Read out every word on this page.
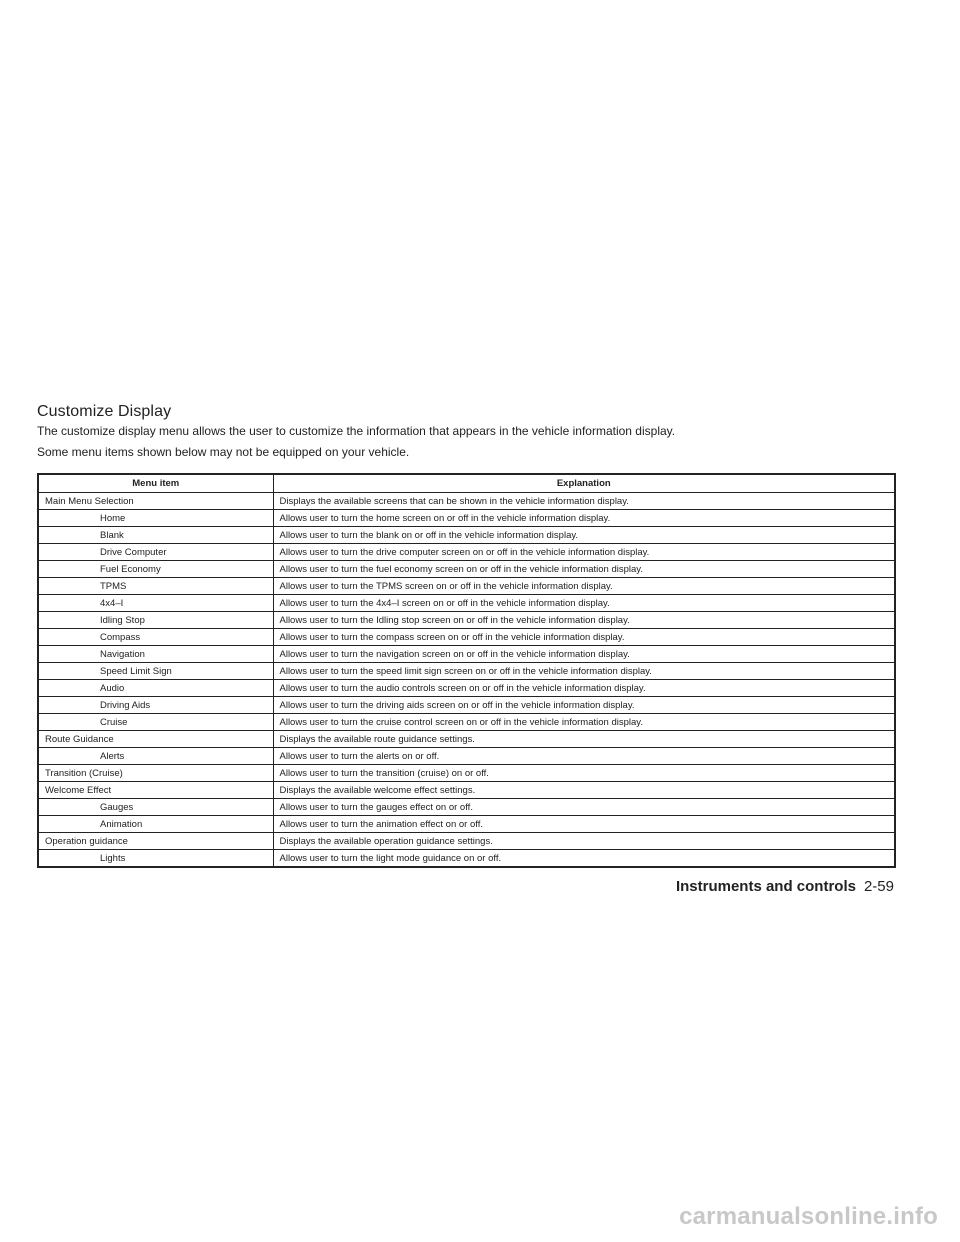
Customize Display

The customize display menu allows the user to customize the information that appears in the vehicle information display.

Some menu items shown below may not be equipped on your vehicle.

Menu item	Explanation
Main Menu Selection	Displays the available screens that can be shown in the vehicle information display.
Home	Allows user to turn the home screen on or off in the vehicle information display.
Blank	Allows user to turn the blank on or off in the vehicle information display.
Drive Computer	Allows user to turn the drive computer screen on or off in the vehicle information display.
Fuel Economy	Allows user to turn the fuel economy screen on or off in the vehicle information display.
TPMS	Allows user to turn the TPMS screen on or off in the vehicle information display.
4x4–I	Allows user to turn the 4x4–I screen on or off in the vehicle information display.
Idling Stop	Allows user to turn the Idling stop screen on or off in the vehicle information display.
Compass	Allows user to turn the compass screen on or off in the vehicle information display.
Navigation	Allows user to turn the navigation screen on or off in the vehicle information display.
Speed Limit Sign	Allows user to turn the speed limit sign screen on or off in the vehicle information display.
Audio	Allows user to turn the audio controls screen on or off in the vehicle information display.
Driving Aids	Allows user to turn the driving aids screen on or off in the vehicle information display.
Cruise	Allows user to turn the cruise control screen on or off in the vehicle information display.
Route Guidance	Displays the available route guidance settings.
Alerts	Allows user to turn the alerts on or off.
Transition (Cruise)	Allows user to turn the transition (cruise) on or off.
Welcome Effect	Displays the available welcome effect settings.
Gauges	Allows user to turn the gauges effect on or off.
Animation	Allows user to turn the animation effect on or off.
Operation guidance	Displays the available operation guidance settings.
Lights	Allows user to turn the light mode guidance on or off.
Instruments and controls 2-59
carmanualsonline.info
